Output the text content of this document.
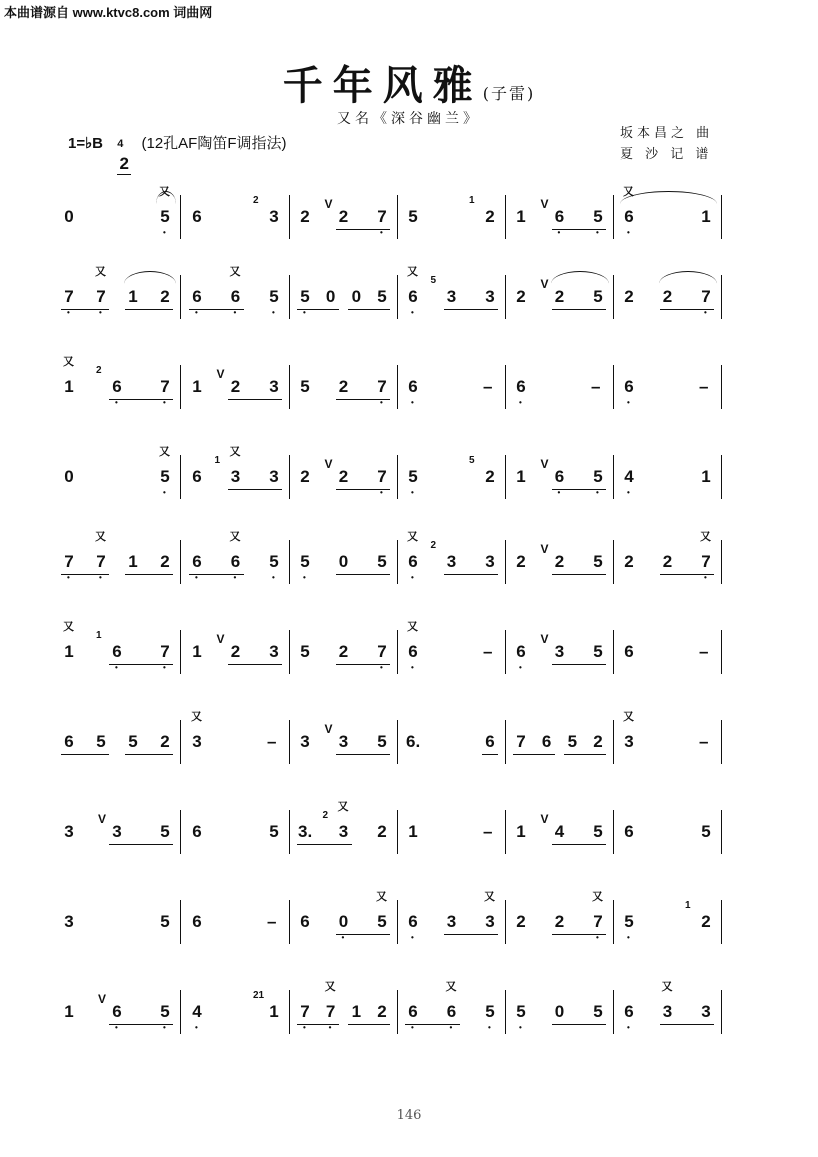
本曲谱源自 www.ktvc8.com 词曲网
千年风雅(子雷)
又名《深谷幽兰》
1=♭B
2
4 (12孔AF陶笛F调指法)
坂本昌之 曲
夏 沙 记 谱
0	5
•
又
6	3
2
2 2 7
•
V
5	2
1
1 6
•
5
•
V
6
•
1
又
7
•
7
•
1 2
又
6
•
6
•
5
•
又
5
•
0 0 5 6
•
3 3
又
5
2 2 5
V
2 2 7
•
1 6
•
7
•
又
2
1 2 3
V
5 2 7
•
6
•
– 6
•
– 6
•
–
0	5
•
又
6 3 3
又
1
2 2 7
•
V
5
•
2
5
1 6
•
5
•
V
4
•
1
7
•
7
•
1 2
又
6
•
6
•
5
•
又
5
•
0 5 6
•
3 3
又
2
2 2 5
V
2 2 7
•
又
1 6
•
7
•
又
1
1 2 3
V
5 2 7
•
6
•
–
又
6
•
3 5
V
6	–
6 5 5 2 3	–
又
3 3 5
V
6.	6 7 6 5 2 3	–
又
3 3 5
V
6	5 3. 3 2
又
2
1	– 1 4 5
V
6	5
3	5 6	– 6 0
•
5
又
6
•
3 3
又
2 2 7
•
又
5
•
2
1
1 6
•
5
•
V
4
•
1
21
7
•
7
•
1 2
又
6
•
6
•
5
•
又
5
•
0 5 6
•
3 3
又
146
